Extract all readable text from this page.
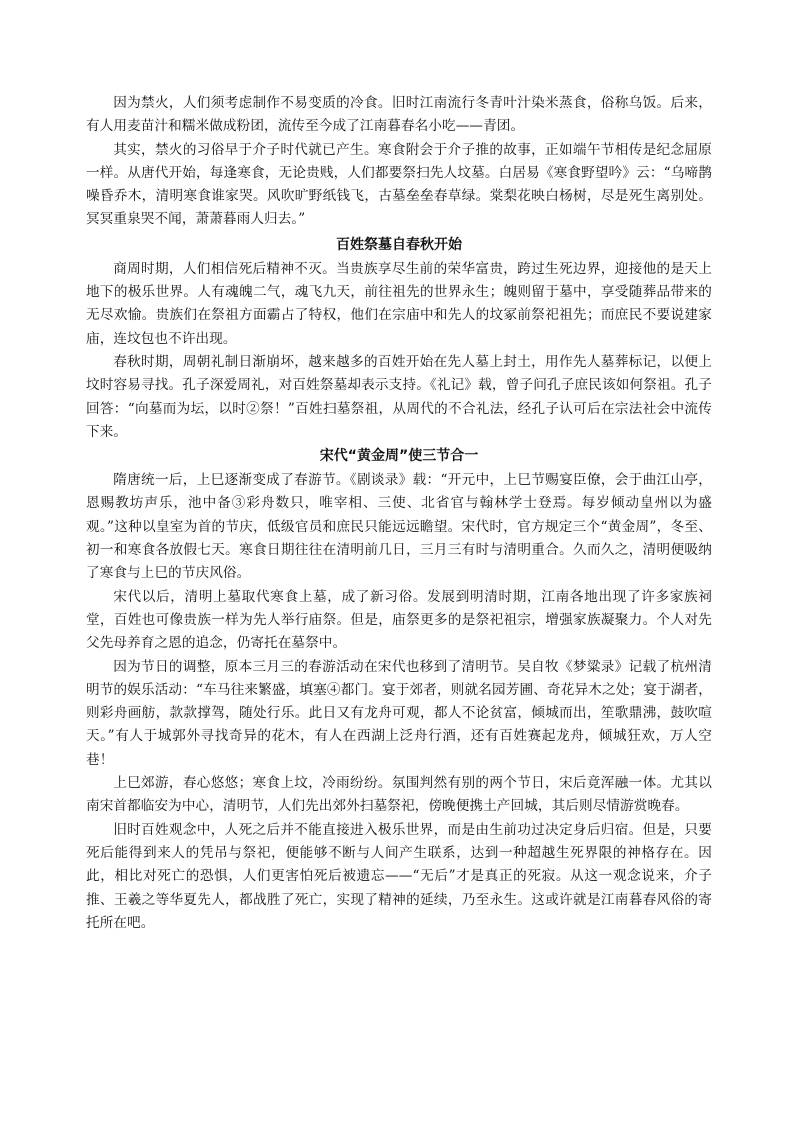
因为禁火，人们须考虑制作不易变质的冷食。旧时江南流行冬青叶汁染米蒸食，俗称乌饭。后来，有人用麦苗汁和糯米做成粉团，流传至今成了江南暮春名小吃——青团。

其实，禁火的习俗早于介子时代就已产生。寒食附会于介子推的故事，正如端午节相传是纪念屈原一样。从唐代开始，每逢寒食，无论贵贱，人们都要祭扫先人坟墓。白居易《寒食野望吟》云：“乌啼鹊噪昏乔木，清明寒食谁家哭。风吹旷野纸钱飞，古墓垒垒春草绿。棠梨花映白杨树，尽是死生离别处。冥冥重泉哭不闻，萧萧暮雨人归去。”

百姓祭墓自春秋开始

商周时期，人们相信死后精神不灭。当贵族享尽生前的荣华富贵，跨过生死边界，迎接他的是天上地下的极乐世界。人有魂魄二气，魂飞九天，前往祖先的世界永生；魄则留于墓中，享受随葬品带来的无尽欢愉。贵族们在祭祖方面霸占了特权，他们在宗庙中和先人的坟冢前祭祀祖先；而庶民不要说建家庙，连坟包也不许出现。

春秋时期，周朝礼制日渐崩坏，越来越多的百姓开始在先人墓上封土，用作先人墓葬标记，以便上坟时容易寻找。孔子深爱周礼，对百姓祭墓却表示支持。《礼记》载，曾子问孔子庶民该如何祭祖。孔子回答：“向墓而为坛，以时②祭！”百姓扫墓祭祖，从周代的不合礼法，经孔子认可后在宗法社会中流传下来。

宋代“黄金周”使三节合一

隋唐统一后，上巳逐渐变成了春游节。《剧谈录》载：“开元中，上巳节赐宴臣僚，会于曲江山亭，恩赐教坊声乐，池中备③彩舟数只，唯宰相、三使、北省官与翰林学士登焉。每岁倾动皇州以为盛观。”这种以皇室为首的节庆，低级官员和庶民只能远远瞻望。宋代时，官方规定三个“黄金周”，冬至、初一和寒食各放假七天。寒食日期往往在清明前几日，三月三有时与清明重合。久而久之，清明便吸纳了寒食与上巳的节庆风俗。

宋代以后，清明上墓取代寒食上墓，成了新习俗。发展到明清时期，江南各地出现了许多家族祠堂，百姓也可像贵族一样为先人举行庙祭。但是，庙祭更多的是祭祀祖宗，增强家族凝聚力。个人对先父先母养育之恩的追念，仍寄托在墓祭中。

因为节日的调整，原本三月三的春游活动在宋代也移到了清明节。吴自牧《梦粱录》记载了杭州清明节的娱乐活动：“车马往来繁盛，填塞④都门。宴于郊者，则就名园芳圃、奇花异木之处；宴于湖者，则彩舟画舫，款款撑驾，随处行乐。此日又有龙舟可观，都人不论贫富，倾城而出，笙歌鼎沸，鼓吹喧天。”有人于城郭外寻找奇异的花木，有人在西湖上泛舟行酒，还有百姓赛起龙舟，倾城狂欢，万人空巷！

上巳郊游，春心悠悠；寒食上坟，冷雨纷纷。氛围判然有别的两个节日，宋后竟浑融一体。尤其以南宋首都临安为中心，清明节，人们先出郊外扫墓祭祀，傍晚便携土产回城，其后则尽情游赏晚春。

旧时百姓观念中，人死之后并不能直接进入极乐世界，而是由生前功过决定身后归宿。但是，只要死后能得到来人的凭吊与祭祀，便能够不断与人间产生联系，达到一种超越生死界限的神格存在。因此，相比对死亡的恐惧，人们更害怕死后被遗忘——“无后”才是真正的死寂。从这一观念说来，介子推、王羲之等华夏先人，都战胜了死亡，实现了精神的延续，乃至永生。这或许就是江南暮春风俗的寄托所在吧。
